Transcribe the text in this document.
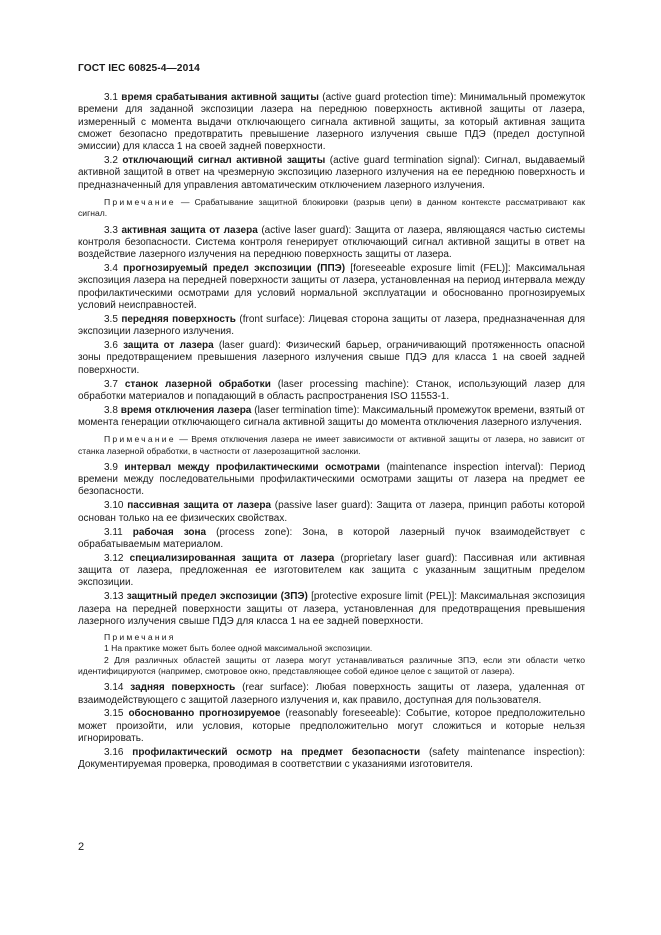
ГОСТ IEC 60825-4—2014

3.1 время срабатывания активной защиты (active guard protection time): Минимальный промежуток времени для заданной экспозиции лазера на переднюю поверхность активной защиты от лазера, измеренный с момента выдачи отключающего сигнала активной защиты, за который активная защита сможет безопасно предотвратить превышение лазерного излучения свыше ПДЭ (предел доступной эмиссии) для класса 1 на своей задней поверхности.

3.2 отключающий сигнал активной защиты (active guard termination signal): Сигнал, выдаваемый активной защитой в ответ на чрезмерную экспозицию лазерного излучения на ее переднюю поверхность и предназначенный для управления автоматическим отключением лазерного излучения.

Примечание — Срабатывание защитной блокировки (разрыв цепи) в данном контексте рассматривают как сигнал.

3.3 активная защита от лазера (active laser guard): Защита от лазера, являющаяся частью системы контроля безопасности. Система контроля генерирует отключающий сигнал активной защиты в ответ на воздействие лазерного излучения на переднюю поверхность защиты от лазера.

3.4 прогнозируемый предел экспозиции (ППЭ) [foreseeable exposure limit (FEL)]: Максимальная экспозиция лазера на передней поверхности защиты от лазера, установленная на период интервала между профилактическими осмотрами для условий нормальной эксплуатации и обоснованно прогнозируемых условий неисправностей.

3.5 передняя поверхность (front surface): Лицевая сторона защиты от лазера, предназначенная для экспозиции лазерного излучения.

3.6 защита от лазера (laser guard): Физический барьер, ограничивающий протяженность опасной зоны предотвращением превышения лазерного излучения свыше ПДЭ для класса 1 на своей задней поверхности.

3.7 станок лазерной обработки (laser processing machine): Станок, использующий лазер для обработки материалов и попадающий в область распространения ISO 11553-1.

3.8 время отключения лазера (laser termination time): Максимальный промежуток времени, взятый от момента генерации отключающего сигнала активной защиты до момента отключения лазерного излучения.

Примечание — Время отключения лазера не имеет зависимости от активной защиты от лазера, но зависит от станка лазерной обработки, в частности от лазерозащитной заслонки.

3.9 интервал между профилактическими осмотрами (maintenance inspection interval): Период времени между последовательными профилактическими осмотрами защиты от лазера на предмет ее безопасности.

3.10 пассивная защита от лазера (passive laser guard): Защита от лазера, принцип работы которой основан только на ее физических свойствах.

3.11 рабочая зона (process zone): Зона, в которой лазерный пучок взаимодействует с обрабатываемым материалом.

3.12 специализированная защита от лазера (proprietary laser guard): Пассивная или активная защита от лазера, предложенная ее изготовителем как защита с указанным защитным пределом экспозиции.

3.13 защитный предел экспозиции (ЗПЭ) [protective exposure limit (PEL)]: Максимальная экспозиция лазера на передней поверхности защиты от лазера, установленная для предотвращения превышения лазерного излучения свыше ПДЭ для класса 1 на ее задней поверхности.

Примечания

1 На практике может быть более одной максимальной экспозиции.

2 Для различных областей защиты от лазера могут устанавливаться различные ЗПЭ, если эти области четко идентифицируются (например, смотровое окно, представляющее собой единое целое с защитой от лазера).

3.14 задняя поверхность (rear surface): Любая поверхность защиты от лазера, удаленная от взаимодействующего с защитой лазерного излучения и, как правило, доступная для пользователя.

3.15 обоснованно прогнозируемое (reasonably foreseeable): Событие, которое предположительно может произойти, или условия, которые предположительно могут сложиться и которые нельзя игнорировать.

3.16 профилактический осмотр на предмет безопасности (safety maintenance inspection): Документируемая проверка, проводимая в соответствии с указаниями изготовителя.

2
